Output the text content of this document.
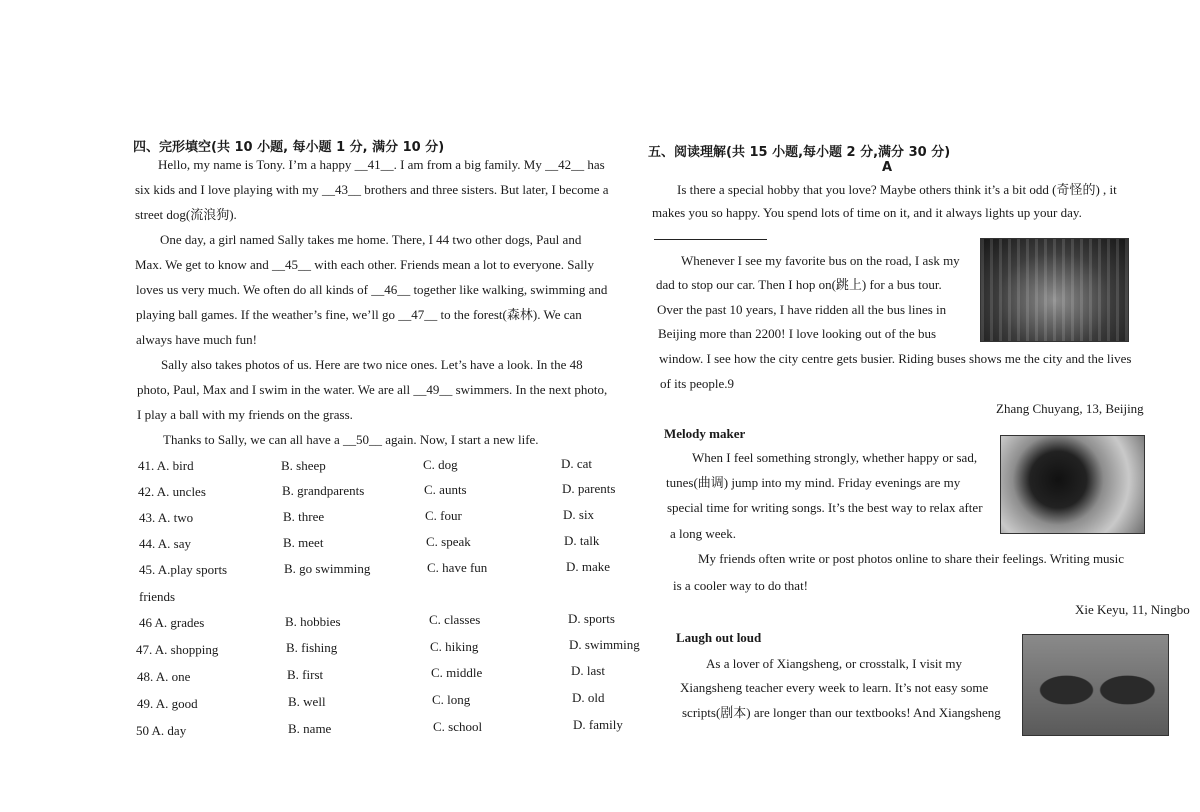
四、完形填空(共 10 小题, 每小题 1 分, 满分 10 分)
Hello, my name is Tony. I’m a happy __41__. I am from a big family. My __42__ has
six kids and I love playing with my __43__ brothers and three sisters. But later, I become a
street dog(流浪狗).
One day, a girl named Sally takes me home. There, I 44 two other dogs, Paul and
Max. We get to know and __45__ with each other. Friends mean a lot to everyone. Sally
loves us very much. We often do all kinds of __46__ together like walking, swimming and
playing ball games. If the weather’s fine, we’ll go __47__ to the forest(森林). We can
always have much fun!
Sally also takes photos of us. Here are two nice ones. Let’s have a look. In the 48
photo, Paul, Max and I swim in the water. We are all __49__ swimmers. In the next photo,
I play a ball with my friends on the grass.
Thanks to Sally, we can all have a __50__ again. Now, I start a new life.
41. A. bird	B. sheep	C. dog	D. cat
42. A. uncles	B. grandparents	C. aunts	D. parents
43. A. two	B. three	C. four	D. six
44. A. say	B. meet	C. speak	D. talk
45. A.play sports	B. go swimming	C. have fun	D. make
friends
46 A. grades	B. hobbies	C. classes	D. sports
47. A. shopping	B. fishing	C. hiking	D. swimming
48. A. one	B. first	C. middle	D. last
49. A. good	B. well	C. long	D. old
50 A. day	B. name	C. school	D. family
五、阅读理解(共 15 小题,每小题 2 分,满分 30 分)
A
Is there a special hobby that you love? Maybe others think it’s a bit odd (奇怪的) , it
makes you so happy. You spend lots of time on it, and it always lights up your day.
Whenever I see my favorite bus on the road, I ask my
dad to stop our car. Then I hop on(跳上) for a bus tour.
Over the past 10 years, I have ridden all the bus lines in
Beijing more than 2200! I love looking out of the bus
window. I see how the city centre gets busier. Riding buses shows me the city and the lives
of its people.9
Zhang Chuyang, 13, Beijing
Melody maker
When I feel something strongly, whether happy or sad,
tunes(曲调) jump into my mind. Friday evenings are my
special time for writing songs. It’s the best way to relax after
a long week.
My friends often write or post photos online to share their feelings. Writing music
is a cooler way to do that!
Xie Keyu, 11, Ningbo
Laugh out loud
As a lover of Xiangsheng, or crosstalk, I visit my
Xiangsheng teacher every week to learn. It’s not easy some
scripts(剧本) are longer than our textbooks! And Xiangsheng
